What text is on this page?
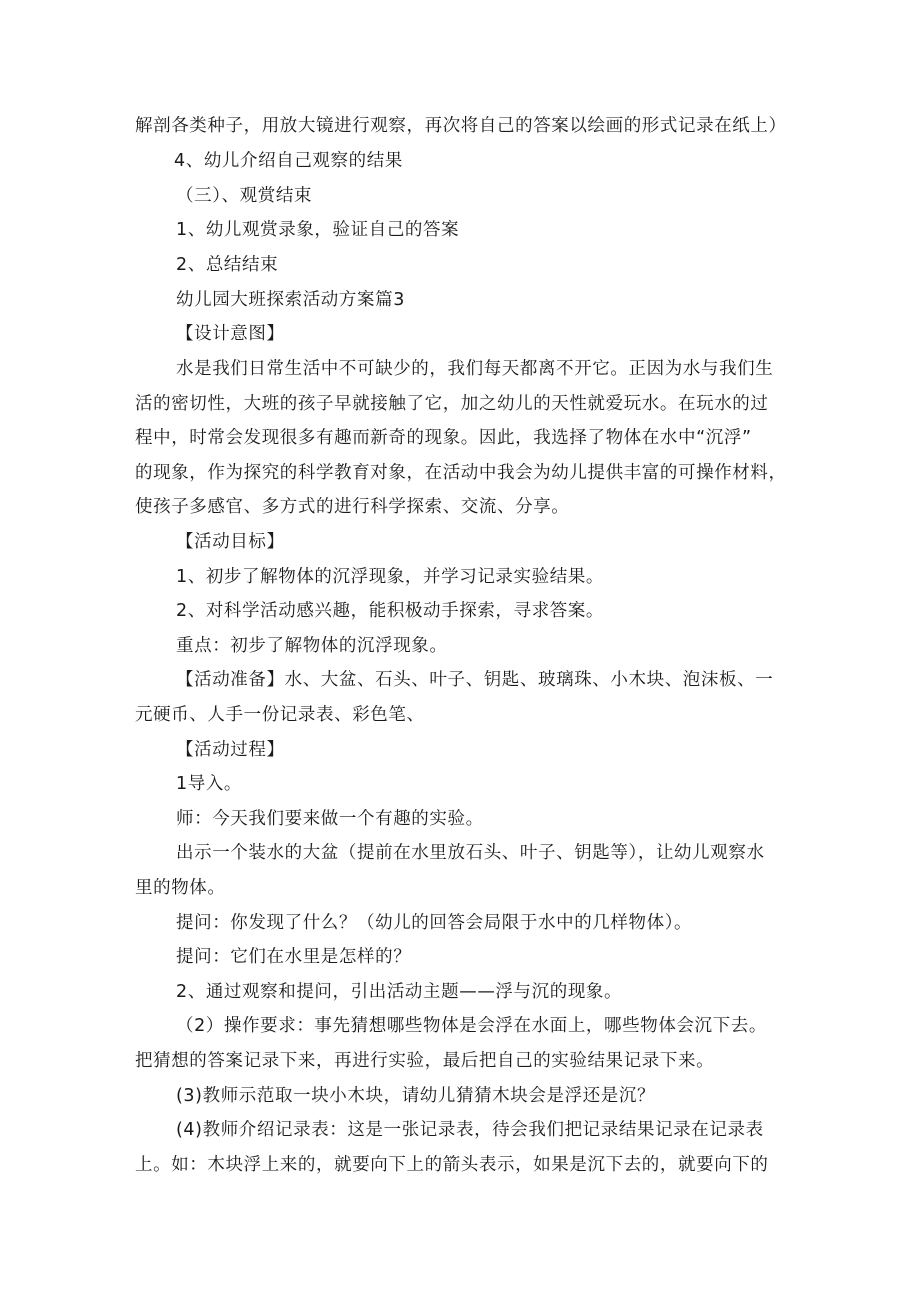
解剖各类种子，用放大镜进行观察，再次将自己的答案以绘画的形式记录在纸上）
4、幼儿介绍自己观察的结果
（三）、观赏结束
1、幼儿观赏录象，验证自己的答案
2、总结结束
幼儿园大班探索活动方案篇3
【设计意图】
水是我们日常生活中不可缺少的，我们每天都离不开它。正因为水与我们生
活的密切性，大班的孩子早就接触了它，加之幼儿的天性就爱玩水。在玩水的过
程中，时常会发现很多有趣而新奇的现象。因此，我选择了物体在水中“沉浮”
的现象，作为探究的科学教育对象，在活动中我会为幼儿提供丰富的可操作材料，
使孩子多感官、多方式的进行科学探索、交流、分享。
【活动目标】
1、初步了解物体的沉浮现象，并学习记录实验结果。
2、对科学活动感兴趣，能积极动手探索，寻求答案。
重点：初步了解物体的沉浮现象。
【活动准备】水、大盆、石头、叶子、钥匙、玻璃珠、小木块、泡沫板、一
元硬币、人手一份记录表、彩色笔、
【活动过程】
1导入。
师：今天我们要来做一个有趣的实验。
出示一个装水的大盆（提前在水里放石头、叶子、钥匙等），让幼儿观察水
里的物体。
提问：你发现了什么？（幼儿的回答会局限于水中的几样物体）。
提问：它们在水里是怎样的？
2、通过观察和提问，引出活动主题——浮与沉的现象。
（2）操作要求：事先猜想哪些物体是会浮在水面上，哪些物体会沉下去。
把猜想的答案记录下来，再进行实验，最后把自己的实验结果记录下来。
(3)教师示范取一块小木块，请幼儿猜猜木块会是浮还是沉？
(4)教师介绍记录表：这是一张记录表，待会我们把记录结果记录在记录表
上。如：木块浮上来的，就要向下上的箭头表示，如果是沉下去的，就要向下的
